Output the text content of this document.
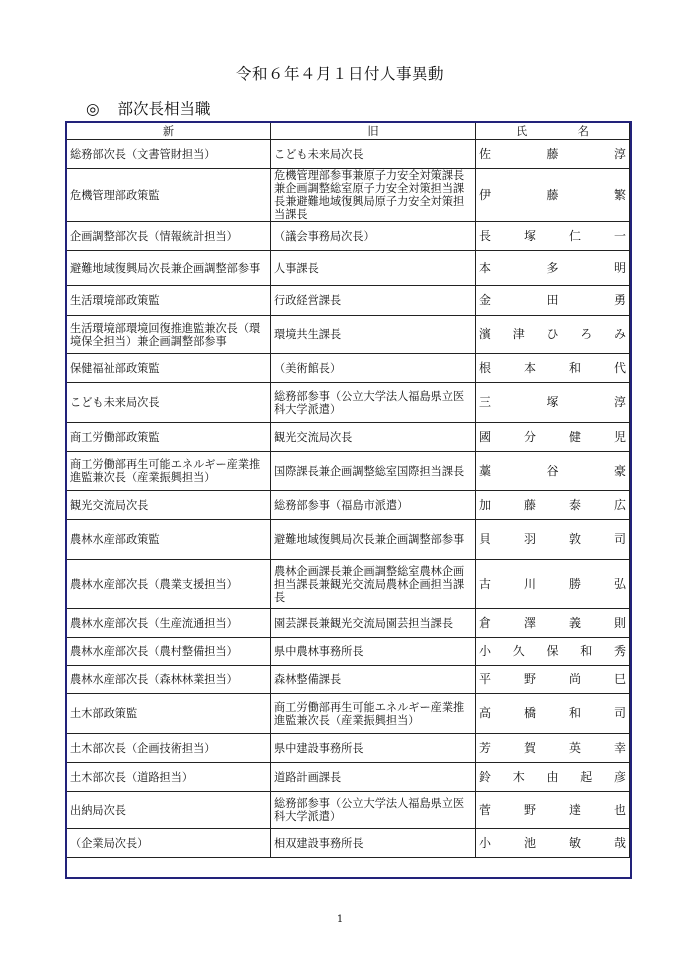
令和６年４月１日付人事異動
◎ 部次長相当職
新	旧	氏 名

総務部次長（文書管財担当）	こども未来局次長	佐 藤 淳

危機管理部政策監	危機管理部参事兼原子力安全対策課長兼企画調整総室原子力安全対策担当課長兼避難地域復興局原子力安全対策担当課長	伊 藤 繁

企画調整部次長（情報統計担当）	（議会事務局次長）	長 塚 仁 一

避難地域復興局次長兼企画調整部参事	人事課長	本 多 明

生活環境部政策監	行政経営課長	金 田 勇

生活環境部環境回復推進監兼次長（環境保全担当）兼企画調整部参事	環境共生課長	濱 津 ひ ろ み

保健福祉部政策監	（美術館長）	根 本 和 代

こども未来局次長	総務部参事（公立大学法人福島県立医科大学派遣）	三 塚 淳

商工労働部政策監	観光交流局次長	國 分 健 児

商工労働部再生可能エネルギー産業推進監兼次長（産業振興担当）	国際課長兼企画調整総室国際担当課長	藁 谷 豪

観光交流局次長	総務部参事（福島市派遣）	加 藤 泰 広

農林水産部政策監	避難地域復興局次長兼企画調整部参事	貝 羽 敦 司

農林水産部次長（農業支援担当）	農林企画課長兼企画調整総室農林企画担当課長兼観光交流局農林企画担当課長	古 川 勝 弘

農林水産部次長（生産流通担当）	園芸課長兼観光交流局園芸担当課長	倉 澤 義 則

農林水産部次長（農村整備担当）	県中農林事務所長	小 久 保 和 秀

農林水産部次長（森林林業担当）	森林整備課長	平 野 尚 巳

土木部政策監	商工労働部再生可能エネルギー産業推進監兼次長（産業振興担当）	高 橋 和 司

土木部次長（企画技術担当）	県中建設事務所長	芳 賀 英 幸

土木部次長（道路担当）	道路計画課長	鈴 木 由 起 彦

出納局次長	総務部参事（公立大学法人福島県立医科大学派遣）	菅 野 達 也

（企業局次長）	相双建設事務所長	小 池 敏 哉
1
